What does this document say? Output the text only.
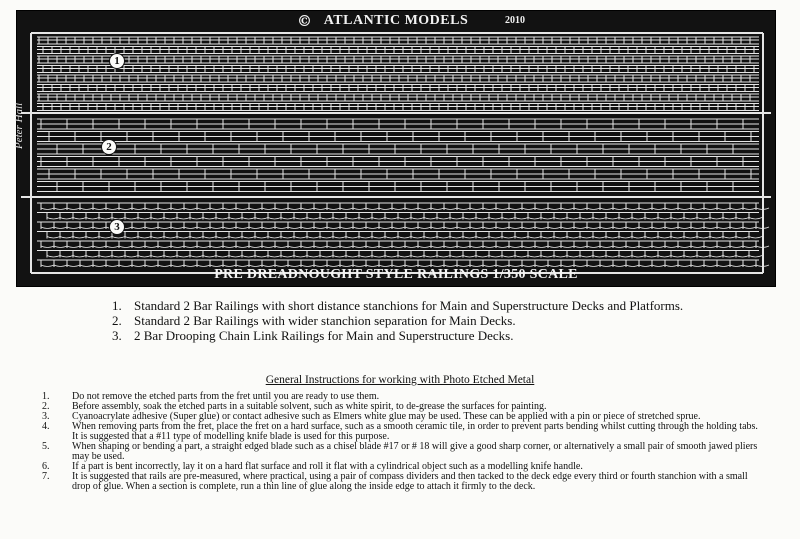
© ATLANTIC MODELS	2010
Peter Hall
1
2
3
PRE DREADNOUGHT STYLE RAILINGS 1/350 SCALE
1. Standard 2 Bar Railings with short distance stanchions for Main and Superstructure Decks and Platforms.
2. Standard 2 Bar Railings with wider stanchion separation for Main Decks.
3. 2 Bar Drooping Chain Link Railings for Main and Superstructure Decks.
General Instructions for working with Photo Etched Metal
1.	Do not remove the etched parts from the fret until you are ready to use them.
2.	Before assembly, soak the etched parts in a suitable solvent, such as white spirit, to de-grease the surfaces for painting.
3.	Cyanoacrylate adhesive (Super glue) or contact adhesive such as Elmers white glue may be used. These can be applied with a pin or piece of stretched sprue.
4.	When removing parts from the fret, place the fret on a hard surface, such as a smooth ceramic tile, in order to prevent parts bending whilst cutting through the holding tabs. It is suggested that a #11 type of modelling knife blade is used for this purpose.
5.	When shaping or bending a part, a straight edged blade such as a chisel blade #17 or # 18 will give a good sharp corner, or alternatively a small pair of smooth jawed pliers may be used.
6.	If a part is bent incorrectly, lay it on a hard flat surface and roll it flat with a cylindrical object such as a modelling knife handle.
7.	It is suggested that rails are pre-measured, where practical, using a pair of compass dividers and then tacked to the deck edge every third or fourth stanchion with a small drop of glue. When a section is complete, run a thin line of glue along the inside edge to attach it firmly to the deck.
